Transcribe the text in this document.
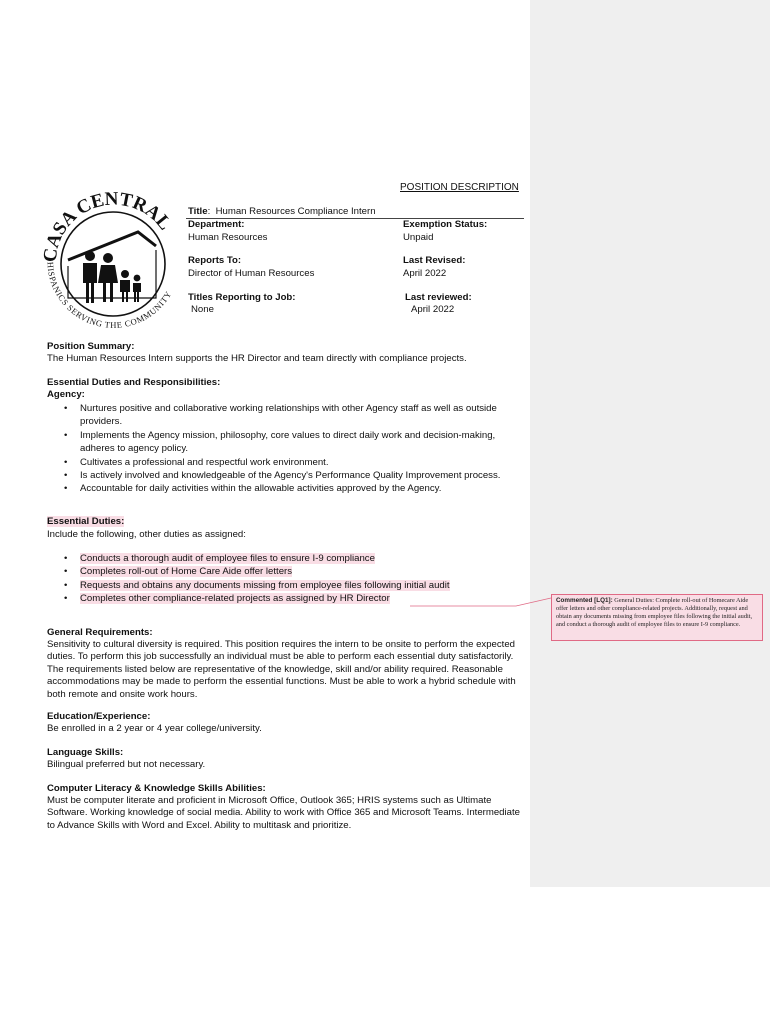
CASA CENTRAL
HISPANICS SERVING THE COMMUNITY
POSITION DESCRIPTION
Title:  Human Resources Compliance Intern
Department:
Human Resources
Exemption Status:
Unpaid
Reports To:
Director of Human Resources
Last Revised:
April 2022
Titles Reporting to Job:
None
Last reviewed:
April 2022
Position Summary:
The Human Resources Intern supports the HR Director and team directly with compliance projects.
Essential Duties and Responsibilities:
Agency:
• Nurtures positive and collaborative working relationships with other Agency staff as well as outside providers.
• Implements the Agency mission, philosophy, core values to direct daily work and decision-making, adheres to agency policy.
• Cultivates a professional and respectful work environment.
• Is actively involved and knowledgeable of the Agency's Performance Quality Improvement process.
• Accountable for daily activities within the allowable activities approved by the Agency.
Essential Duties:
Include the following, other duties as assigned:
• Conducts a thorough audit of employee files to ensure I-9 compliance
• Completes roll-out of Home Care Aide offer letters
• Requests and obtains any documents missing from employee files following initial audit
• Completes other compliance-related projects as assigned by HR Director
General Requirements:
Sensitivity to cultural diversity is required. This position requires the intern to be onsite to perform the expected duties. To perform this job successfully an individual must be able to perform each essential duty satisfactorily. The requirements listed below are representative of the knowledge, skill and/or ability required. Reasonable accommodations may be made to perform the essential functions. Must be able to work a hybrid schedule with both remote and onsite work hours.
Education/Experience:
Be enrolled in a 2 year or 4 year college/university.
Language Skills:
Bilingual preferred but not necessary.
Computer Literacy & Knowledge Skills Abilities:
Must be computer literate and proficient in Microsoft Office, Outlook 365; HRIS systems such as Ultimate Software. Working knowledge of social media. Ability to work with Office 365 and Microsoft Teams. Intermediate to Advance Skills with Word and Excel. Ability to multitask and prioritize.
Commented [LQ1]: General Duties: Complete roll-out of Homecare Aide offer letters and other compliance-related projects. Additionally, request and obtain any documents missing from employee files following the initial audit, and conduct a thorough audit of employee files to ensure I-9 compliance.
